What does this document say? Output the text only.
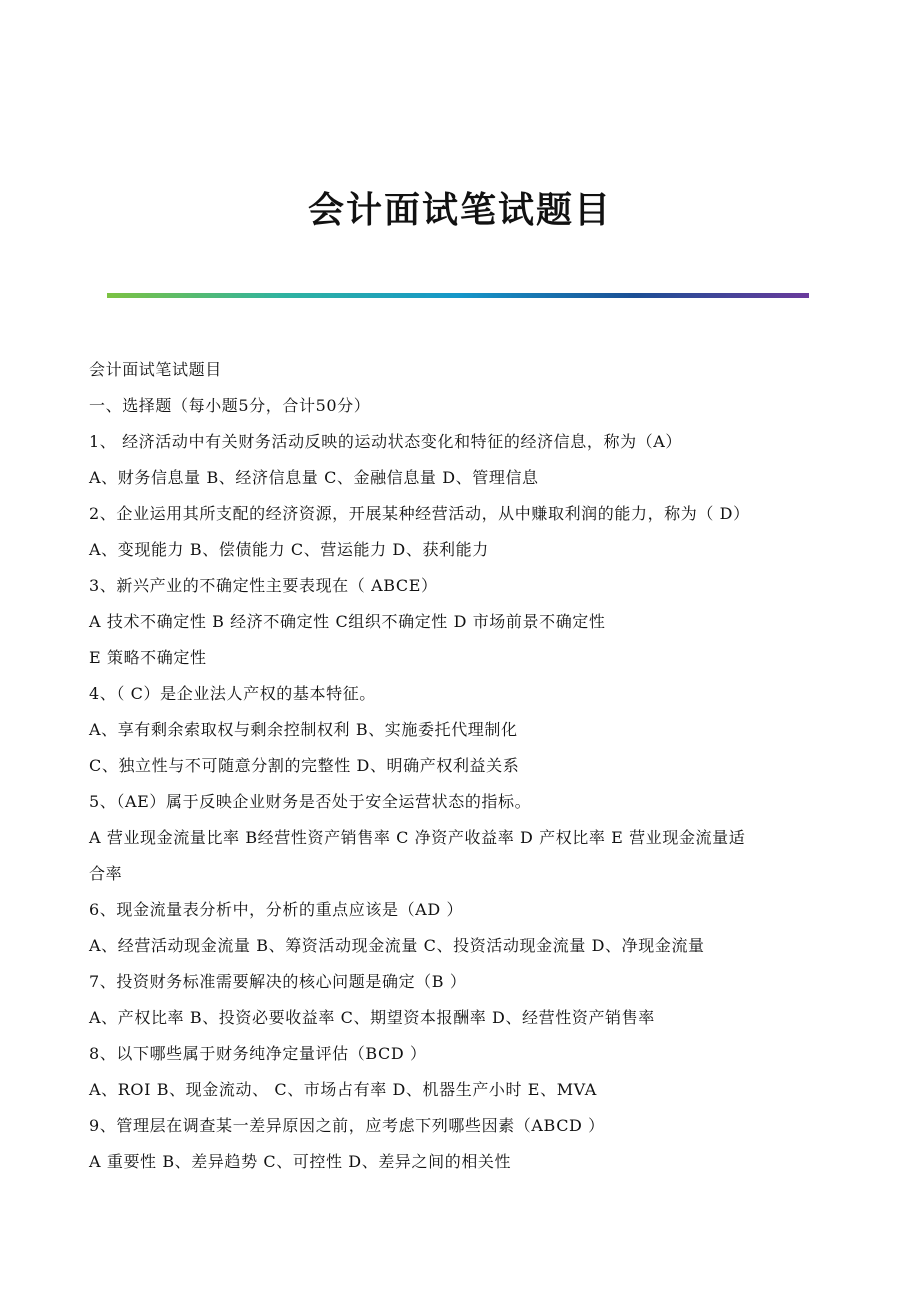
会计面试笔试题目
会计面试笔试题目
一、选择题（每小题5分，合计50分）
1、 经济活动中有关财务活动反映的运动状态变化和特征的经济信息，称为（A）
A、财务信息量 B、经济信息量 C、金融信息量 D、管理信息
2、企业运用其所支配的经济资源，开展某种经营活动，从中赚取利润的能力，称为（ D）
A、变现能力 B、偿债能力 C、营运能力 D、获利能力
3、新兴产业的不确定性主要表现在（ ABCE）
A 技术不确定性 B 经济不确定性 C组织不确定性 D 市场前景不确定性
E 策略不确定性
4、（ C）是企业法人产权的基本特征。
A、享有剩余索取权与剩余控制权利 B、实施委托代理制化
C、独立性与不可随意分割的完整性 D、明确产权利益关系
5、（AE）属于反映企业财务是否处于安全运营状态的指标。
A 营业现金流量比率 B经营性资产销售率 C 净资产收益率 D 产权比率 E 营业现金流量适
合率
6、现金流量表分析中，分析的重点应该是（AD ）
A、经营活动现金流量 B、筹资活动现金流量 C、投资活动现金流量 D、净现金流量
7、投资财务标准需要解决的核心问题是确定（B ）
A、产权比率 B、投资必要收益率 C、期望资本报酬率 D、经营性资产销售率
8、以下哪些属于财务纯净定量评估（BCD ）
A、ROI B、现金流动、 C、市场占有率 D、机器生产小时 E、MVA
9、管理层在调查某一差异原因之前，应考虑下列哪些因素（ABCD ）
A 重要性 B、差异趋势 C、可控性 D、差异之间的相关性
